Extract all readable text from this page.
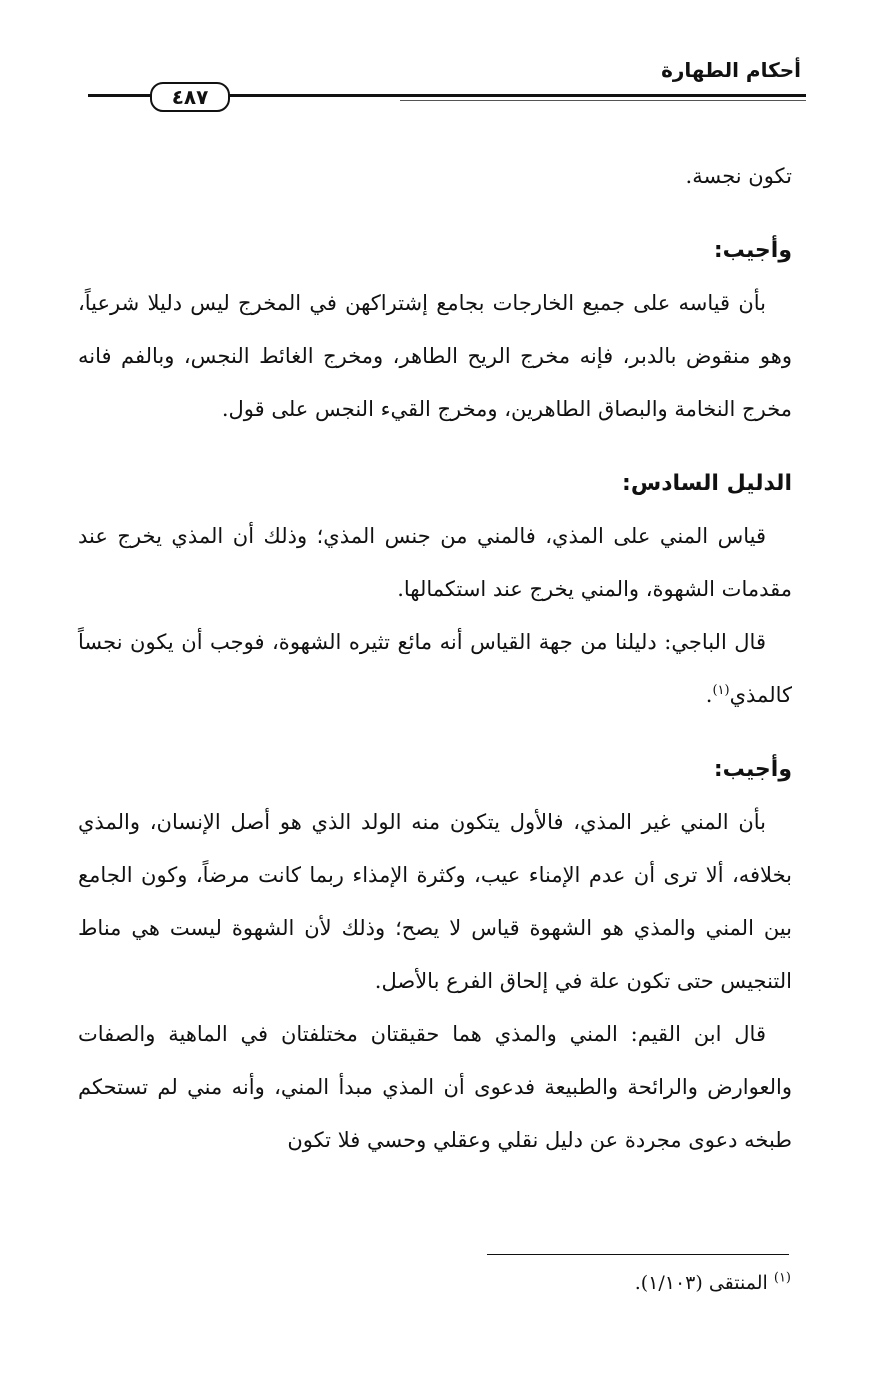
أحكام الطهارة
٤٨٧

تكون نجسة.

وأجيب:

بأن قياسه على جميع الخارجات بجامع إشتراكهن في المخرج ليس دليلا شرعياً، وهو منقوض بالدبر، فإنه مخرج الريح الطاهر، ومخرج الغائط النجس، وبالفم فانه مخرج النخامة والبصاق الطاهرين، ومخرج القيء النجس على قول.

الدليل السادس:

قياس المني على المذي، فالمني من جنس المذي؛ وذلك أن المذي يخرج عند مقدمات الشهوة، والمني يخرج عند استكمالها.

قال الباجي: دليلنا من جهة القياس أنه مائع تثيره الشهوة، فوجب أن يكون نجساً كالمذي$^{(١)}$.

وأجيب:

بأن المني غير المذي، فالأول يتكون منه الولد الذي هو أصل الإنسان، والمذي بخلافه، ألا ترى أن عدم الإمناء عيب، وكثرة الإمذاء ربما كانت مرضاً، وكون الجامع بين المني والمذي هو الشهوة قياس لا يصح؛ وذلك لأن الشهوة ليست هي مناط التنجيس حتى تكون علة في إلحاق الفرع بالأصل.

قال ابن القيم: المني والمذي هما حقيقتان مختلفتان في الماهية والصفات والعوارض والرائحة والطبيعة فدعوى أن المذي مبدأ المني، وأنه مني لم تستحكم طبخه دعوى مجردة عن دليل نقلي وعقلي وحسي فلا تكون

$^{(١)}$ المنتقى (١/١٠٣).
